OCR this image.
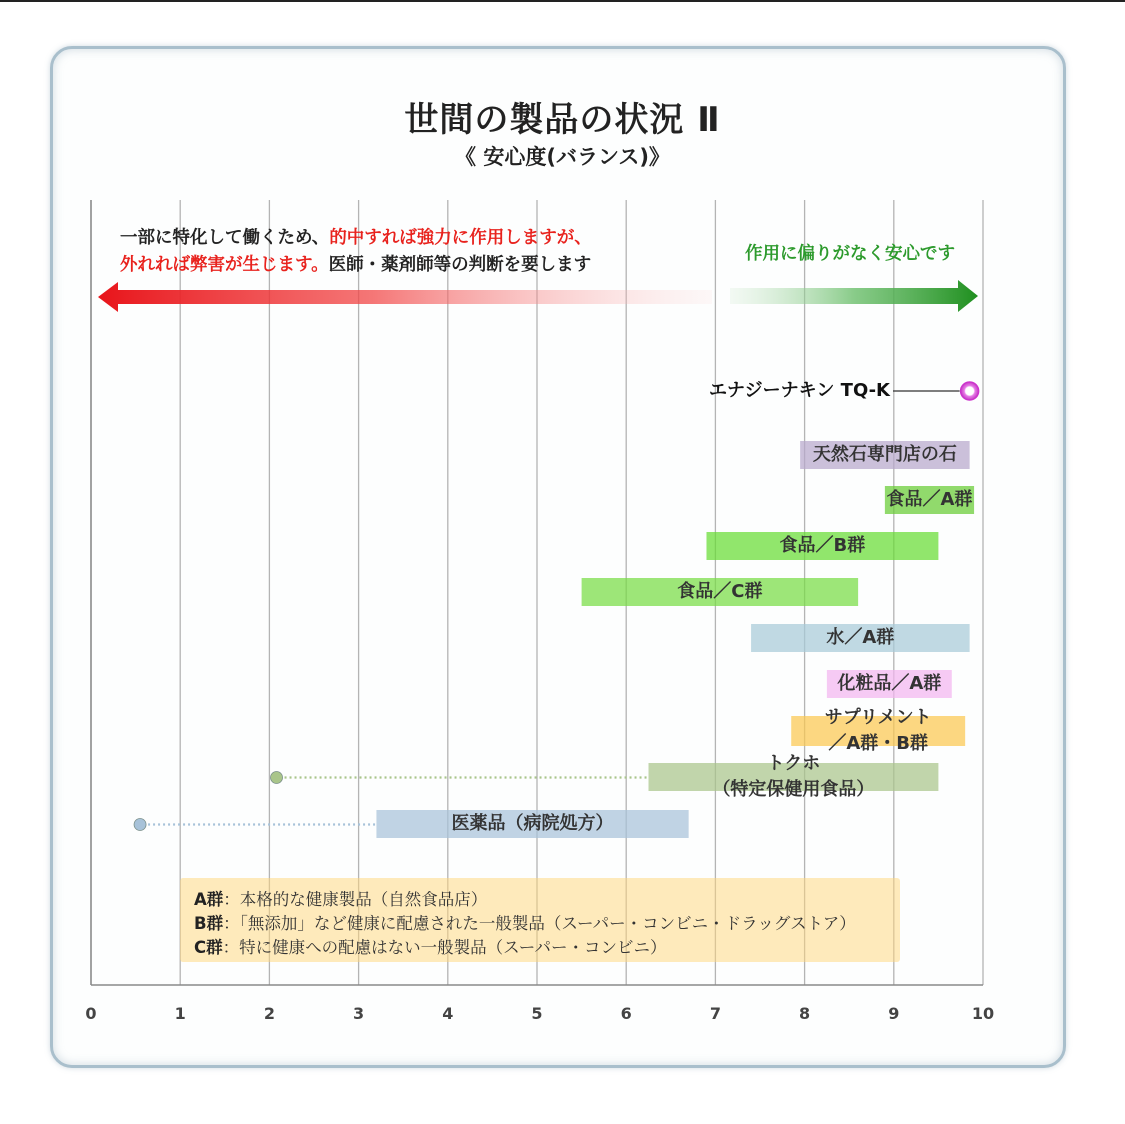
世間の製品の状況 Ⅱ
《 安心度(バランス)》
一部に特化して働くため、的中すれば強力に作用しますが、
外れれば弊害が生じます。医師・薬剤師等の判断を要します
作用に偏りがなく安心です
天然石専門店の石
食品／A群
食品／B群
食品／C群
水／A群
化粧品／A群
サプリメント
／A群・B群
トクホ
（特定保健用食品）
医薬品（病院処方）
エナジーナキン TQ-K
A群：本格的な健康製品（自然食品店）
B群：「無添加」など健康に配慮された一般製品（スーパー・コンビニ・ドラッグストア）
C群：特に健康への配慮はない一般製品（スーパー・コンビニ）
0	1	2	3	4	5	6	7	8	9	10
